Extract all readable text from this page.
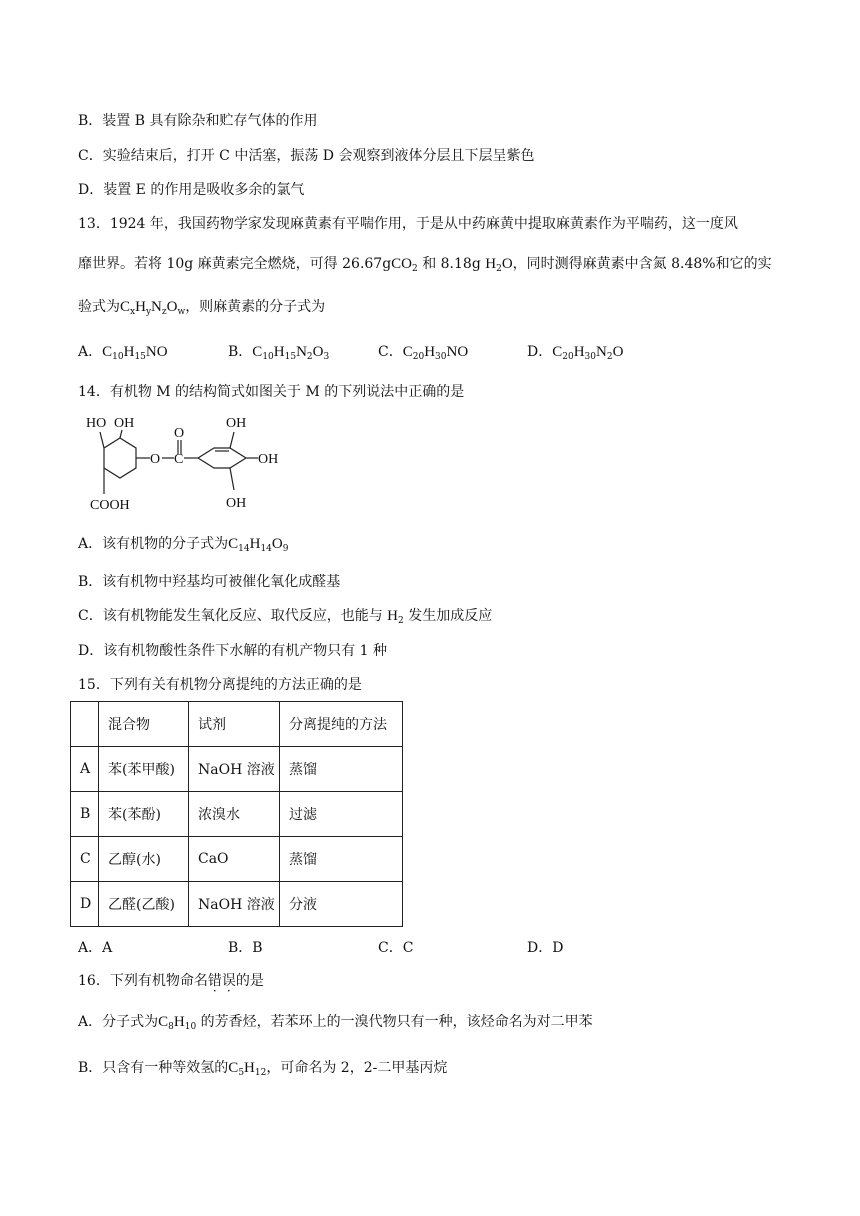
B．装置 B 具有除杂和贮存气体的作用
C．实验结束后，打开 C 中活塞，振荡 D 会观察到液体分层且下层呈紫色
D．装置 E 的作用是吸收多余的氯气
13．1924 年，我国药物学家发现麻黄素有平喘作用，于是从中药麻黄中提取麻黄素作为平喘药，这一度风
靡世界。若将 10g 麻黄素完全燃烧，可得 26.67gCO$_2$ 和 8.18g $H_2O$，同时测得麻黄素中含氮 8.48%和它的实
验式为$C_xH_yN_zO_w$，则麻黄素的分子式为
A．$C_{10}H_{15}NO$	B．$C_{10}H_{15}N_2O_3$	C．$C_{20}H_{30}NO$	D．$C_{20}H_{30}N_2O$
14．有机物 M 的结构简式如图关于 M 的下列说法中正确的是
HO OH
O C
O
OH
OH
OH
COOH
A．该有机物的分子式为$C_{14}H_{14}O_9$
B．该有机物中羟基均可被催化氧化成醛基
C．该有机物能发生氧化反应、取代反应，也能与 $H_2$ 发生加成反应
D．该有机物酸性条件下水解的有机产物只有 1 种
15．下列有关有机物分离提纯的方法正确的是
	混合物	试剂	分离提纯的方法
A	苯(苯甲酸)	NaOH 溶液	蒸馏
B	苯(苯酚)	浓溴水	过滤
C	乙醇(水)	CaO	蒸馏
D	乙醛(乙酸)	NaOH 溶液	分液
A．A	B．B	C．C	D．D
16．下列有机物命名错误的是
A．分子式为$C_8H_{10}$ 的芳香烃，若苯环上的一溴代物只有一种，该烃命名为对二甲苯
B．只含有一种等效氢的$C_5H_{12}$，可命名为 2，2-二甲基丙烷
